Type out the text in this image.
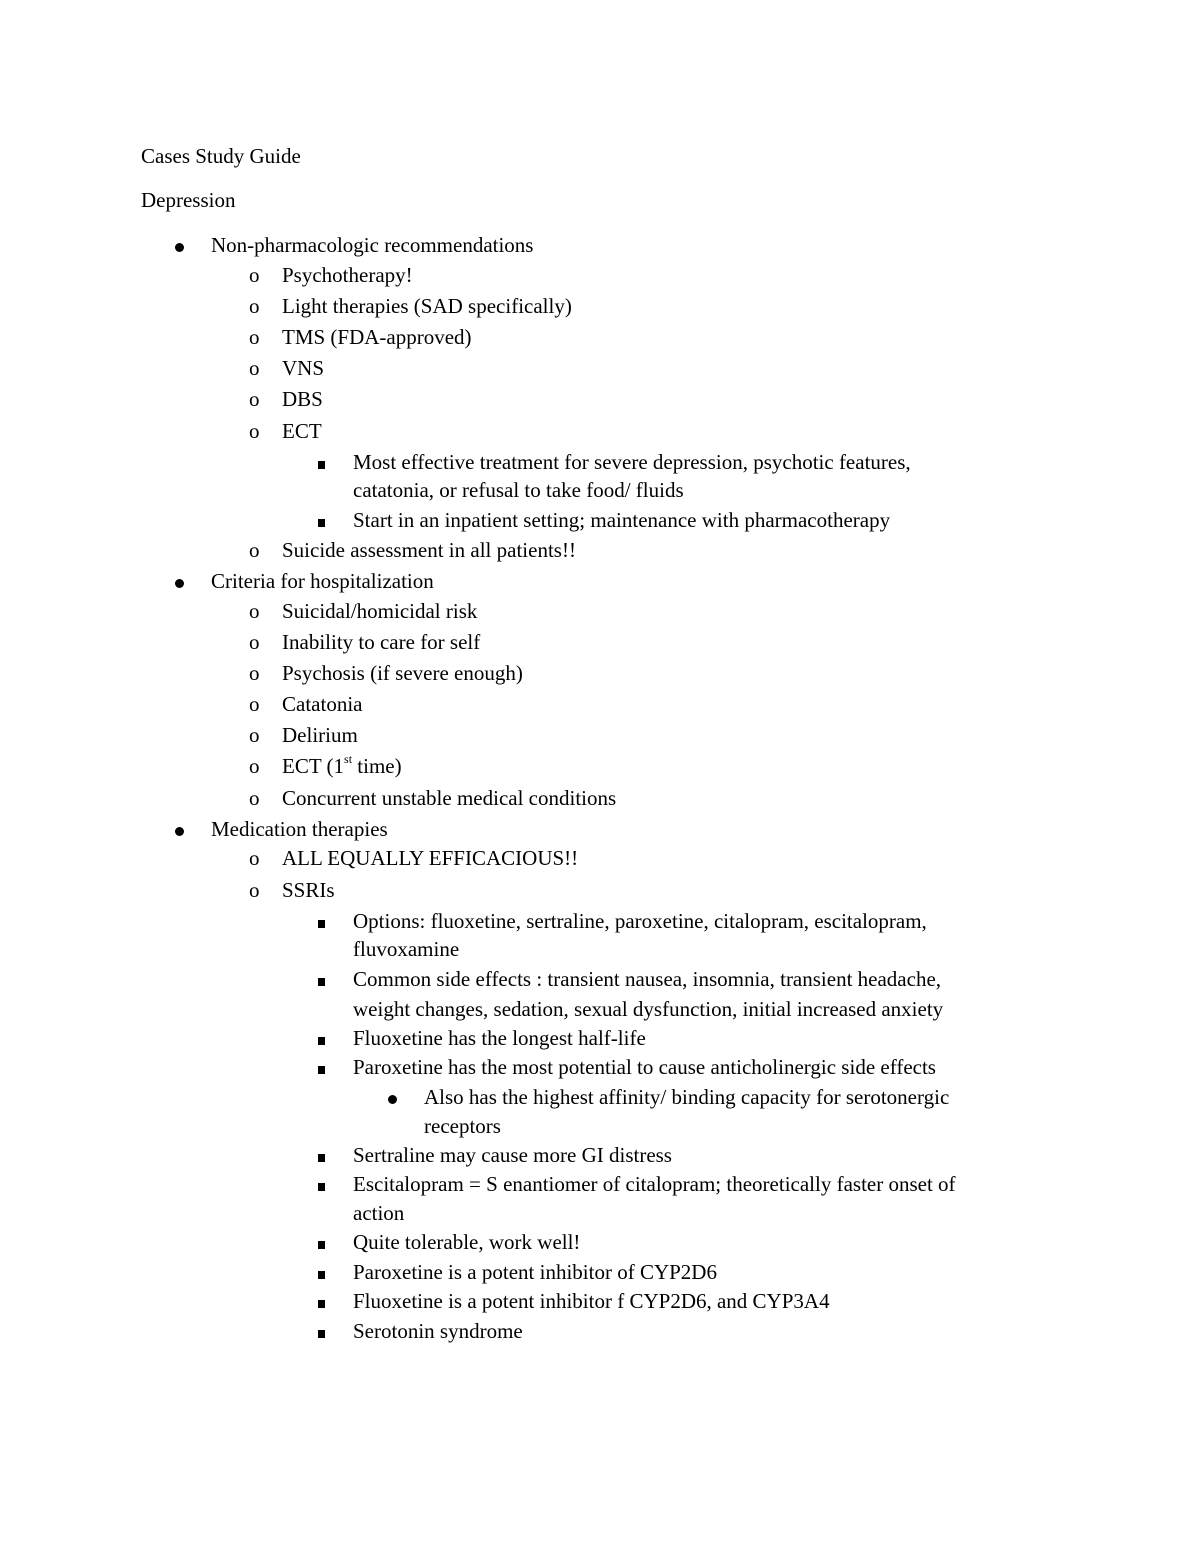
Cases Study Guide
Depression
Non-pharmacologic recommendations
o Psychotherapy!
o Light therapies (SAD specifically)
o TMS (FDA-approved)
o VNS
o DBS
o ECT
Most effective treatment for severe depression, psychotic features,
catatonia, or refusal to take food/ fluids
Start in an inpatient setting; maintenance with pharmacotherapy
o Suicide assessment in all patients!!
Criteria for hospitalization
o Suicidal/homicidal risk
o Inability to care for self
o Psychosis (if severe enough)
o Catatonia
o Delirium
o ECT (1st time)
o Concurrent unstable medical conditions
Medication therapies
o ALL EQUALLY EFFICACIOUS!!
o SSRIs
Options: fluoxetine, sertraline, paroxetine, citalopram, escitalopram,
fluvoxamine
Common side effects : transient nausea, insomnia, transient headache,
weight changes, sedation, sexual dysfunction, initial increased anxiety
Fluoxetine has the longest half-life
Paroxetine has the most potential to cause anticholinergic side effects
Also has the highest affinity/ binding capacity for serotonergic
receptors
Sertraline may cause more GI distress
Escitalopram = S enantiomer of citalopram; theoretically faster onset of
action
Quite tolerable, work well!
Paroxetine is a potent inhibitor of CYP2D6
Fluoxetine is a potent inhibitor f CYP2D6, and CYP3A4
Serotonin syndrome
